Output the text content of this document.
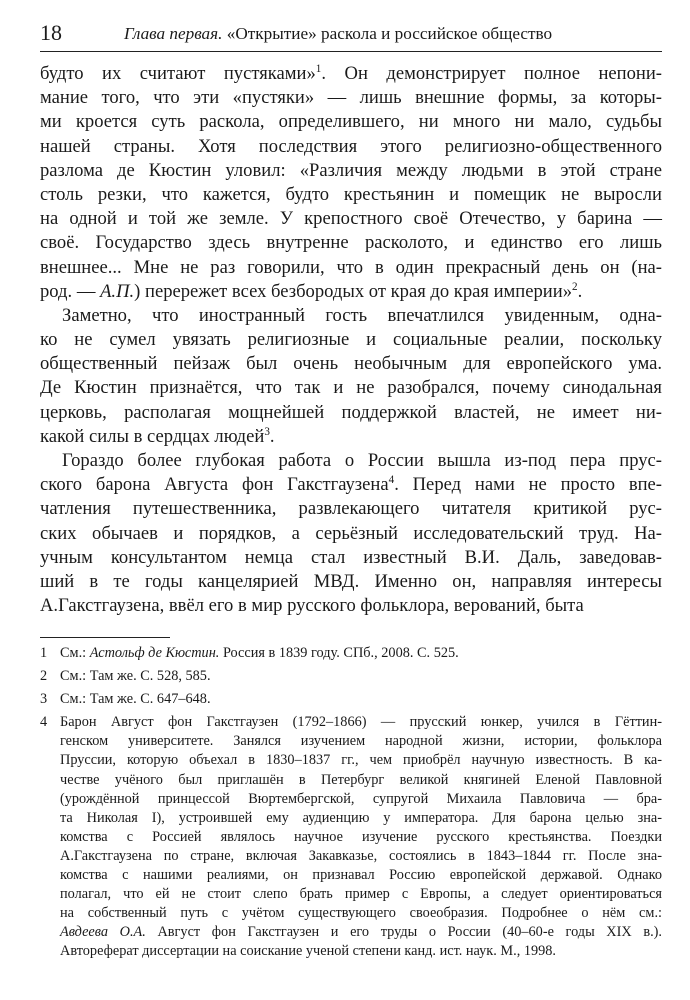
18	Глава первая. «Открытие» раскола и российское общество
будто их считают пустяками»$^1$. Он демонстрирует полное непони-
мание того, что эти «пустяки» — лишь внешние формы, за которы-
ми кроется суть раскола, определившего, ни много ни мало, судьбы
нашей страны. Хотя последствия этого религиозно-общественного
разлома де Кюстин уловил: «Различия между людьми в этой стране
столь резки, что кажется, будто крестьянин и помещик не выросли
на одной и той же земле. У крепостного своё Отечество, у барина —
своё. Государство здесь внутренне расколото, и единство его лишь
внешнее... Мне не раз говорили, что в один прекрасный день он (на-
род. — А.П.) перережет всех безбородых от края до края империи»$^2$.
Заметно, что иностранный гость впечатлился увиденным, одна-
ко не сумел увязать религиозные и социальные реалии, поскольку
общественный пейзаж был очень необычным для европейского ума.
Де Кюстин признаётся, что так и не разобрался, почему синодальная
церковь, располагая мощнейшей поддержкой властей, не имеет ни-
какой силы в сердцах людей$^3$.
Гораздо более глубокая работа о России вышла из-под пера прус-
ского барона Августа фон Гакстгаузена$^4$. Перед нами не просто впе-
чатления путешественника, развлекающего читателя критикой рус-
ских обычаев и порядков, а серьёзный исследовательский труд. На-
учным консультантом немца стал известный В.И. Даль, заведовав-
ший в те годы канцелярией МВД. Именно он, направляя интересы
А.Гакстгаузена, ввёл его в мир русского фольклора, верований, быта
1 См.: Астольф де Кюстин. Россия в 1839 году. СПб., 2008. С. 525.
2 См.: Там же. С. 528, 585.
3 См.: Там же. С. 647–648.
4 Барон Август фон Гакстгаузен (1792–1866) — прусский юнкер, учился в Гёттин-
генском университете. Занялся изучением народной жизни, истории, фольклора
Пруссии, которую объехал в 1830–1837 гг., чем приобрёл научную известность. В ка-
честве учёного был приглашён в Петербург великой княгиней Еленой Павловной
(урождённой принцессой Вюртембергской, супругой Михаила Павловича — бра-
та Николая I), устроившей ему аудиенцию у императора. Для барона целью зна-
комства с Россией являлось научное изучение русского крестьянства. Поездки
А.Гакстгаузена по стране, включая Закавказье, состоялись в 1843–1844 гг. После зна-
комства с нашими реалиями, он признавал Россию европейской державой. Однако
полагал, что ей не стоит слепо брать пример с Европы, а следует ориентироваться
на собственный путь с учётом существующего своеобразия. Подробнее о нём см.:
Авдеева О.А. Август фон Гакстгаузен и его труды о России (40–60-е годы XIX в.).
Автореферат диссертации на соискание ученой степени канд. ист. наук. М., 1998.
